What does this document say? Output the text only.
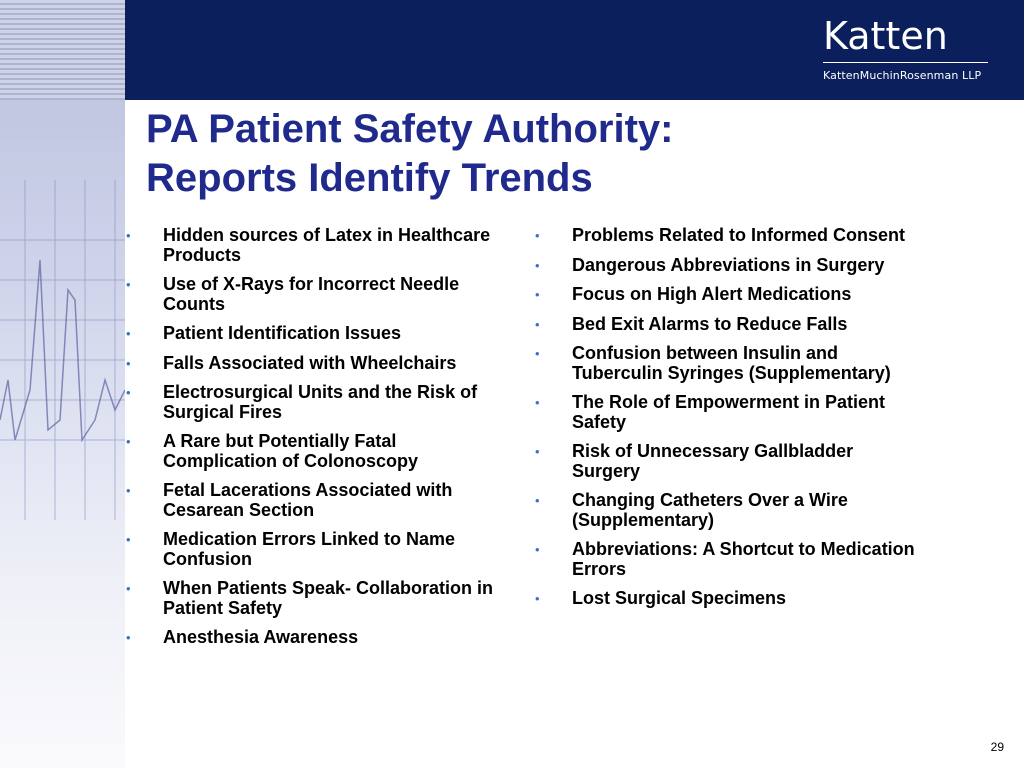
Katten
KattenMuchinRosenman LLP
PA Patient Safety Authority:
Reports Identify Trends
• Hidden sources of Latex in Healthcare Products
• Use of X-Rays for Incorrect Needle Counts
• Patient Identification Issues
• Falls Associated with Wheelchairs
• Electrosurgical Units and the Risk of Surgical Fires
• A Rare but Potentially Fatal Complication of Colonoscopy
• Fetal Lacerations Associated with Cesarean Section
• Medication Errors Linked to Name Confusion
• When Patients Speak- Collaboration in Patient Safety
• Anesthesia Awareness
• Problems Related to Informed Consent
• Dangerous Abbreviations in Surgery
• Focus on High Alert Medications
• Bed Exit Alarms to Reduce Falls
• Confusion between Insulin and Tuberculin Syringes (Supplementary)
• The Role of Empowerment in Patient Safety
• Risk of Unnecessary Gallbladder Surgery
• Changing Catheters Over a Wire (Supplementary)
• Abbreviations: A Shortcut to Medication Errors
• Lost Surgical Specimens
29
